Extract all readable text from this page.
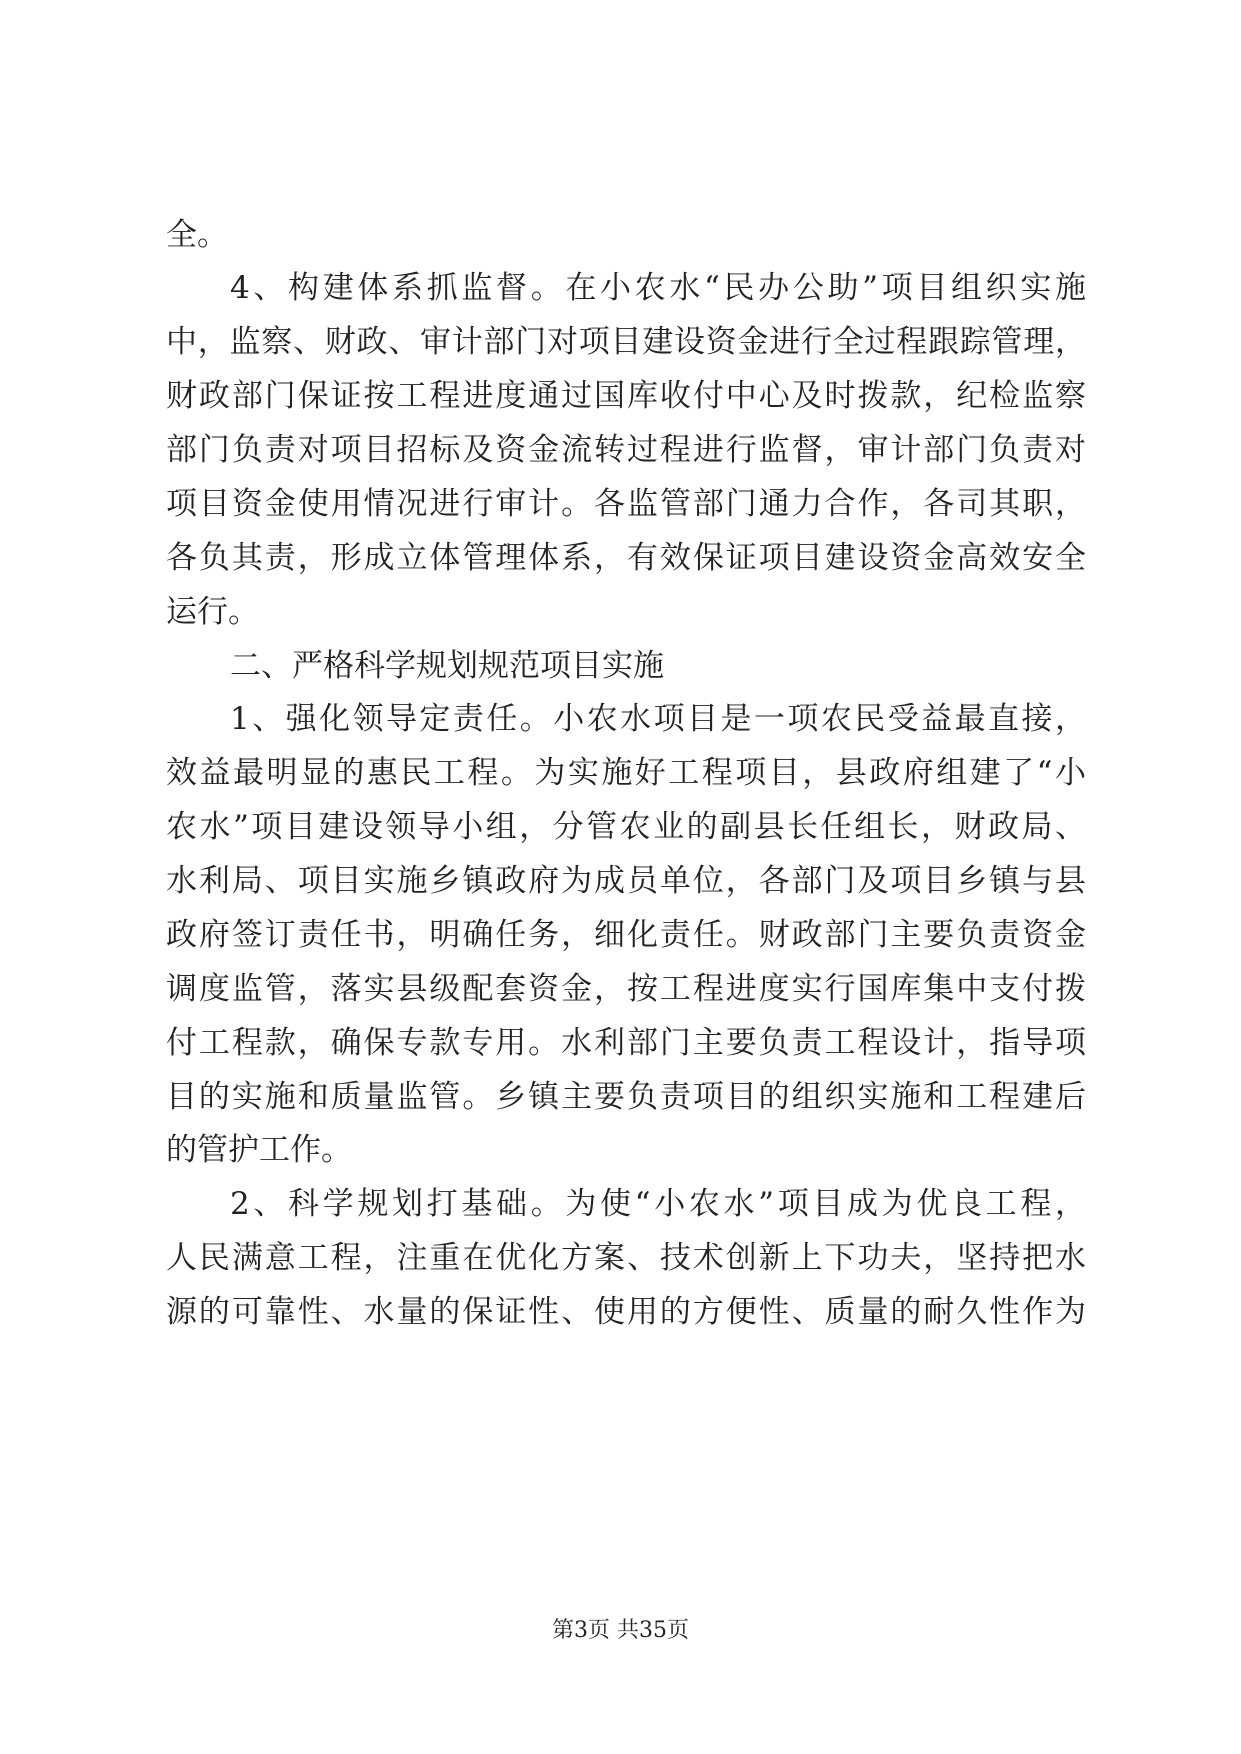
全。
4、构建体系抓监督。在小农水“民办公助”项目组织实施
中，监察、财政、审计部门对项目建设资金进行全过程跟踪管理，
财政部门保证按工程进度通过国库收付中心及时拨款，纪检监察
部门负责对项目招标及资金流转过程进行监督，审计部门负责对
项目资金使用情况进行审计。各监管部门通力合作，各司其职，
各负其责，形成立体管理体系，有效保证项目建设资金高效安全
运行。
二、严格科学规划规范项目实施
1、强化领导定责任。小农水项目是一项农民受益最直接，
效益最明显的惠民工程。为实施好工程项目，县政府组建了“小
农水”项目建设领导小组，分管农业的副县长任组长，财政局、
水利局、项目实施乡镇政府为成员单位，各部门及项目乡镇与县
政府签订责任书，明确任务，细化责任。财政部门主要负责资金
调度监管，落实县级配套资金，按工程进度实行国库集中支付拨
付工程款，确保专款专用。水利部门主要负责工程设计，指导项
目的实施和质量监管。乡镇主要负责项目的组织实施和工程建后
的管护工作。
2、科学规划打基础。为使“小农水”项目成为优良工程，
人民满意工程，注重在优化方案、技术创新上下功夫，坚持把水
源的可靠性、水量的保证性、使用的方便性、质量的耐久性作为
第3页 共35页
